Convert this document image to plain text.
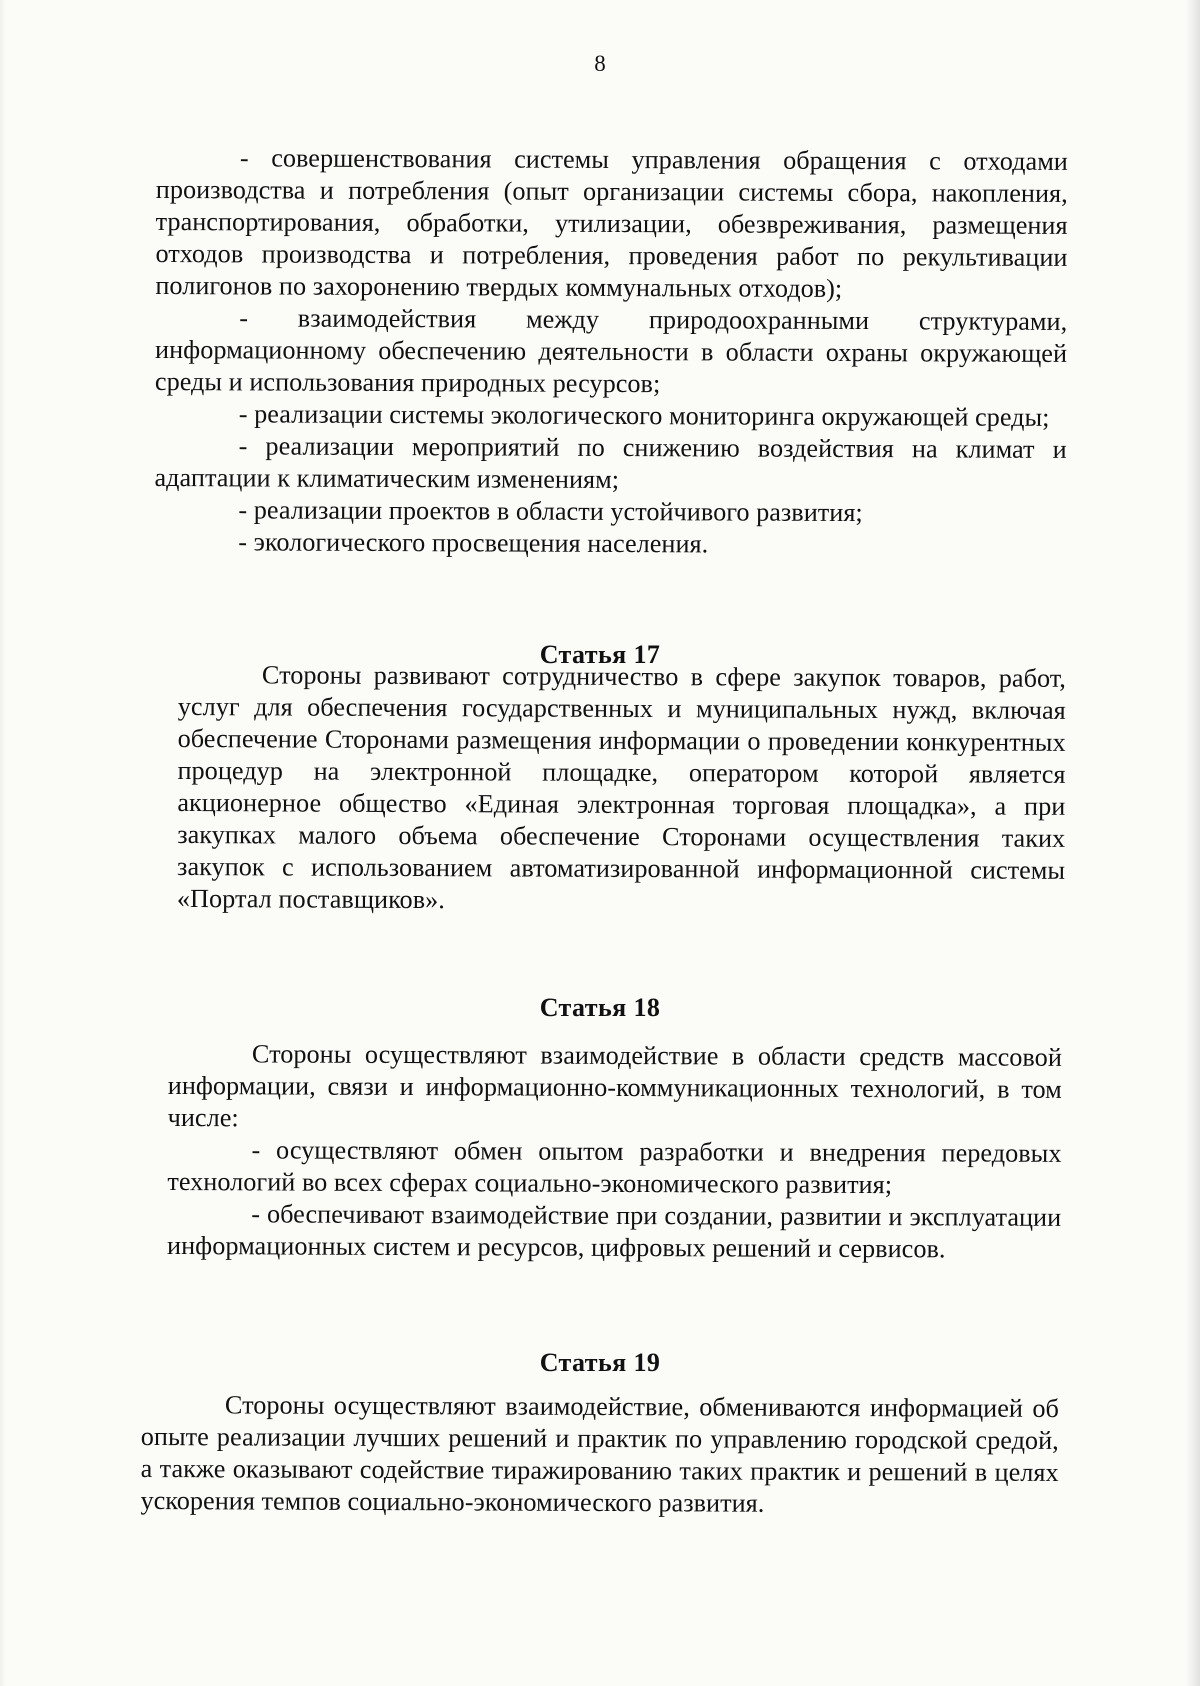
8

- совершенствования системы управления обращения с отходами производства и потребления (опыт организации системы сбора, накопления, транспортирования, обработки, утилизации, обезвреживания, размещения отходов производства и потребления, проведения работ по рекультивации полигонов по захоронению твердых коммунальных отходов);

- взаимодействия между природоохранными структурами, информационному обеспечению деятельности в области охраны окружающей среды и использования природных ресурсов;

- реализации системы экологического мониторинга окружающей среды;

- реализации мероприятий по снижению воздействия на климат и адаптации к климатическим изменениям;

- реализации проектов в области устойчивого развития;

- экологического просвещения населения.

Статья 17

Стороны развивают сотрудничество в сфере закупок товаров, работ, услуг для обеспечения государственных и муниципальных нужд, включая обеспечение Сторонами размещения информации о проведении конкурентных процедур на электронной площадке, оператором которой является акционерное общество «Единая электронная торговая площадка», а при закупках малого объема обеспечение Сторонами осуществления таких закупок с использованием автоматизированной информационной системы «Портал поставщиков».

Статья 18

Стороны осуществляют взаимодействие в области средств массовой информации, связи и информационно-коммуникационных технологий, в том числе:

- осуществляют обмен опытом разработки и внедрения передовых технологий во всех сферах социально-экономического развития;

- обеспечивают взаимодействие при создании, развитии и эксплуатации информационных систем и ресурсов, цифровых решений и сервисов.

Статья 19

Стороны осуществляют взаимодействие, обмениваются информацией об опыте реализации лучших решений и практик по управлению городской средой, а также оказывают содействие тиражированию таких практик и решений в целях ускорения темпов социально-экономического развития.
